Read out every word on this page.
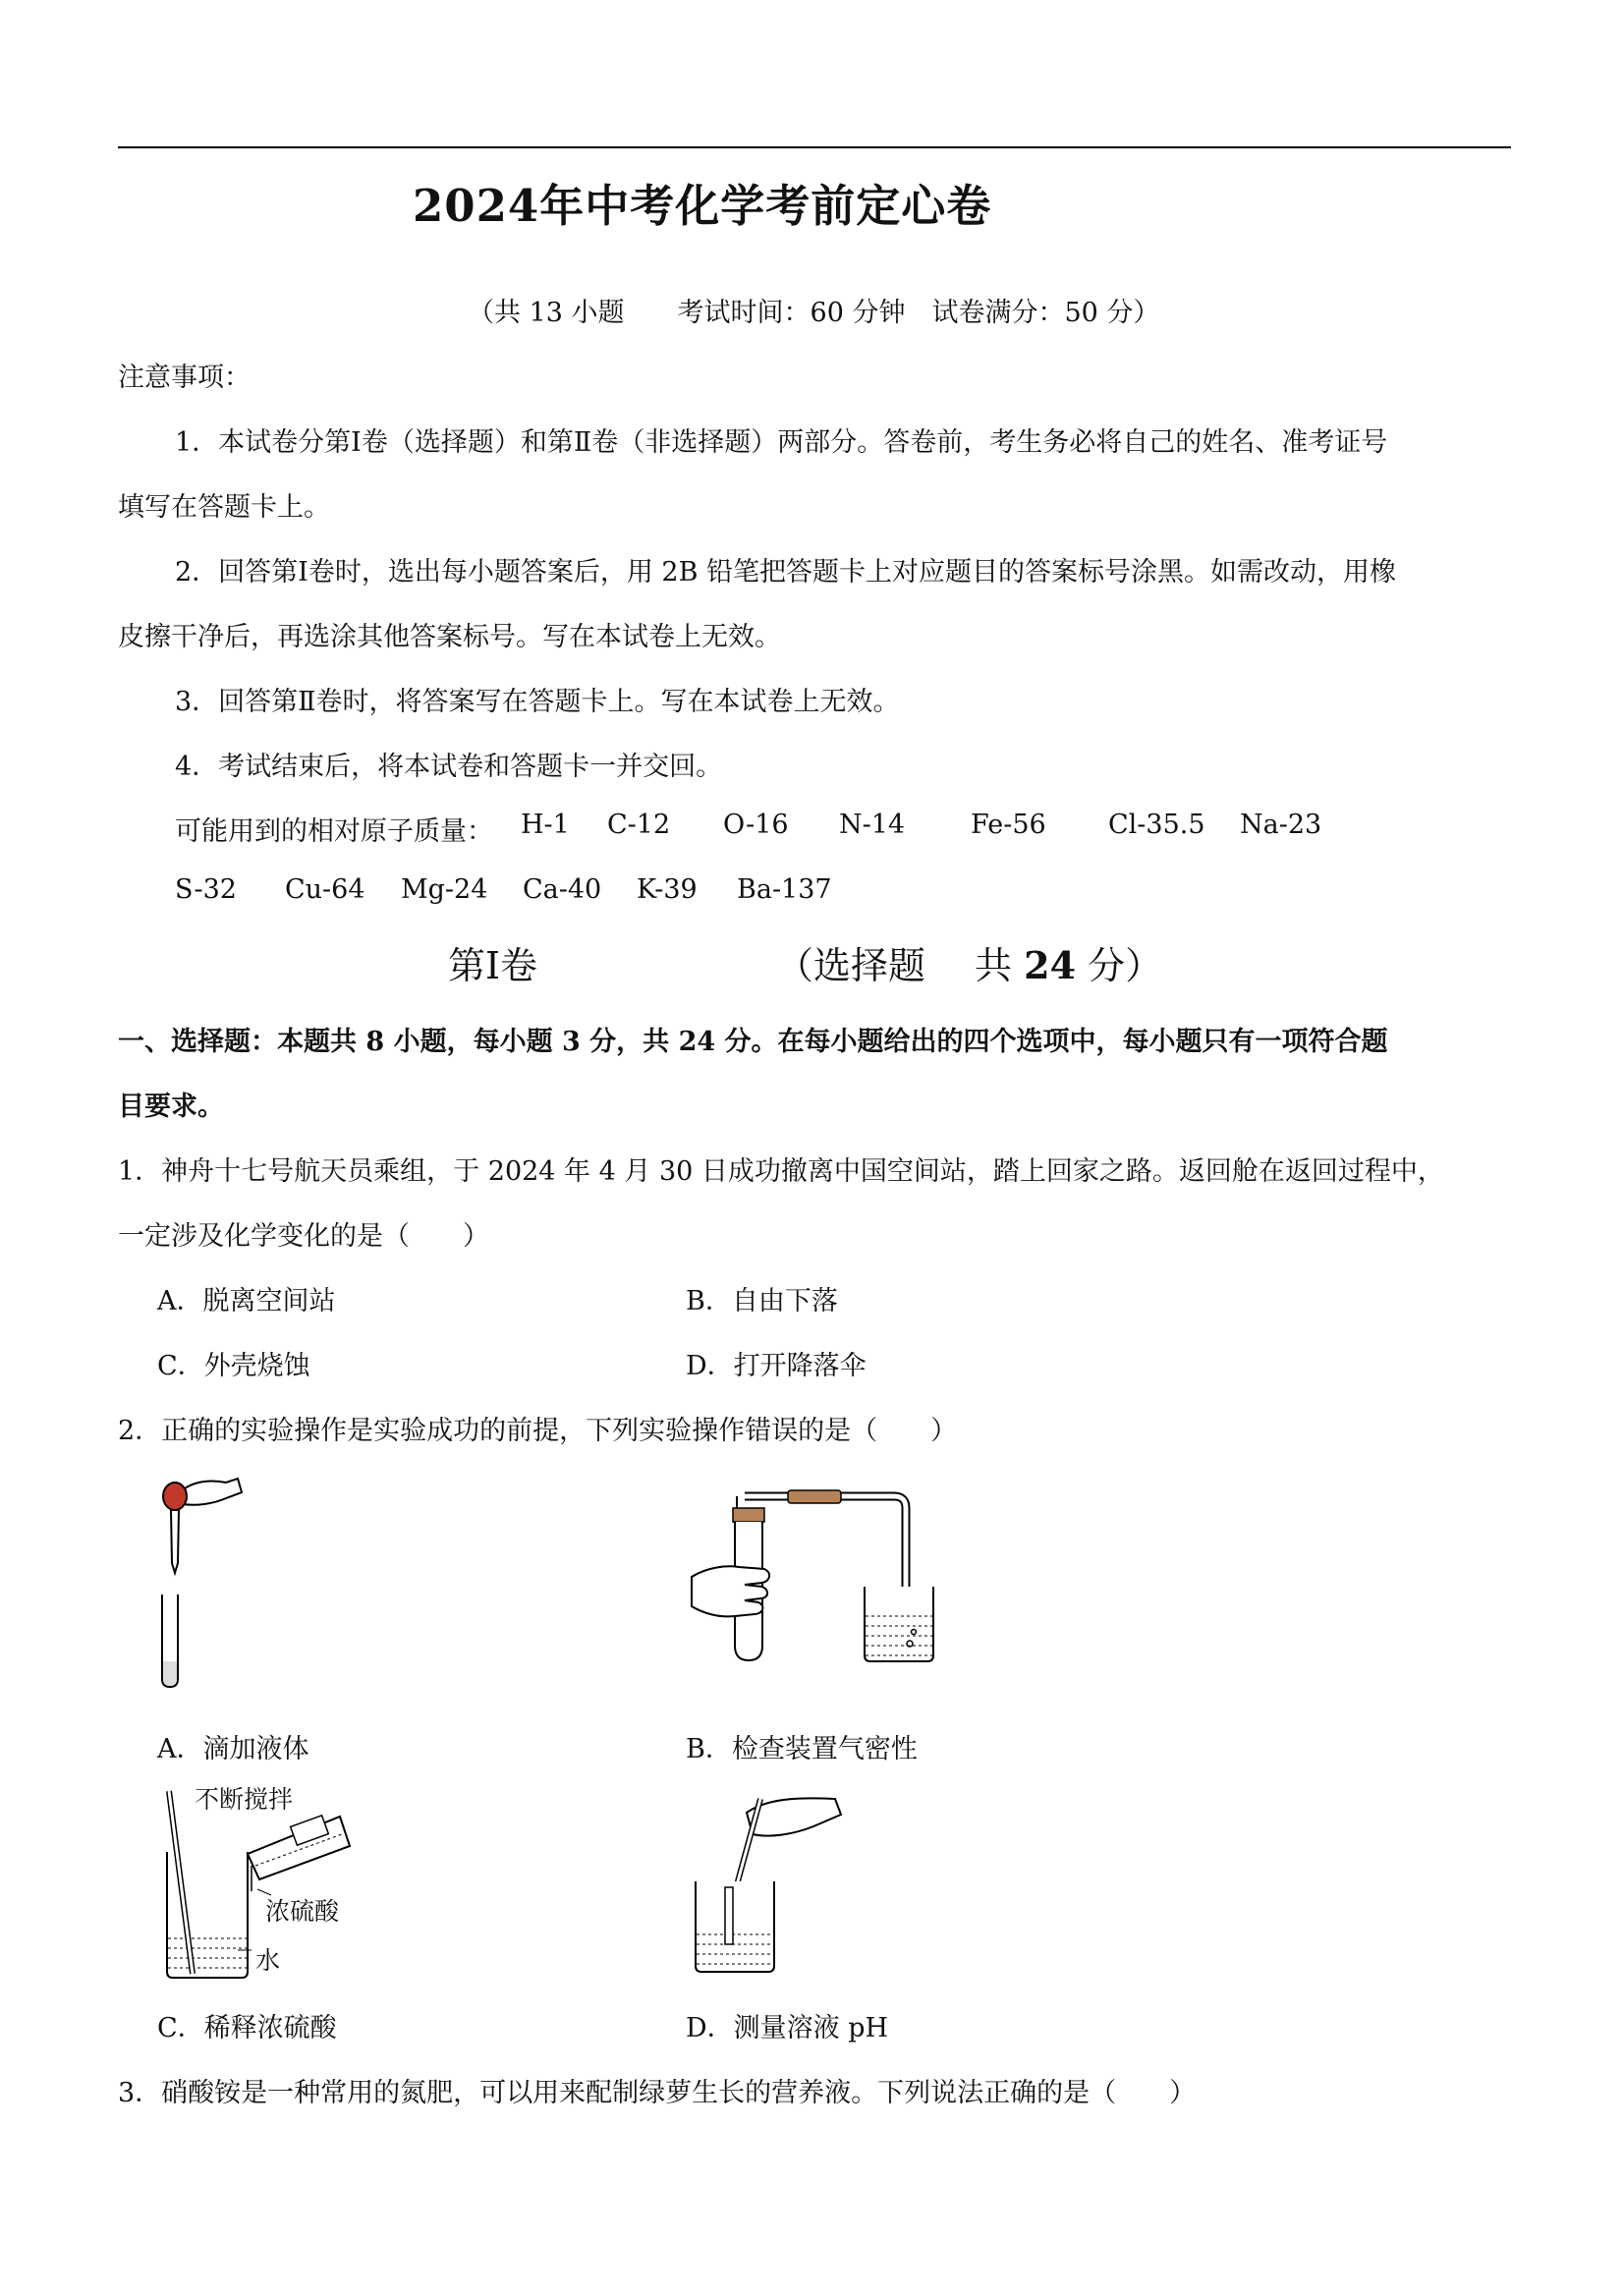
2024年中考化学考前定心卷
（共 13 小题　　考试时间：60 分钟　试卷满分：50 分）
注意事项：
1．本试卷分第Ⅰ卷（选择题）和第Ⅱ卷（非选择题）两部分。答卷前，考生务必将自己的姓名、准考证号
填写在答题卡上。
2．回答第Ⅰ卷时，选出每小题答案后，用 2B 铅笔把答题卡上对应题目的答案标号涂黑。如需改动，用橡
皮擦干净后，再选涂其他答案标号。写在本试卷上无效。
3．回答第Ⅱ卷时，将答案写在答题卡上。写在本试卷上无效。
4．考试结束后，将本试卷和答题卡一并交回。
可能用到的相对原子质量： H-1 C-12 O-16 N-14 Fe-56 Cl-35.5 Na-23
S-32 Cu-64 Mg-24 Ca-40 K-39 Ba-137
第Ⅰ卷	（选择题　 共 24 分）
一、选择题：本题共 8 小题，每小题 3 分，共 24 分。在每小题给出的四个选项中，每小题只有一项符合题
目要求。
1．神舟十七号航天员乘组，于 2024 年 4 月 30 日成功撤离中国空间站，踏上回家之路。返回舱在返回过程中，
一定涉及化学变化的是（　　）
A．脱离空间站	B．自由下落
C．外壳烧蚀	D．打开降落伞
2．正确的实验操作是实验成功的前提，下列实验操作错误的是（　　）
A．滴加液体	B．检查装置气密性
不断搅拌
浓硫酸
水
C．稀释浓硫酸	D．测量溶液 pH
3．硝酸铵是一种常用的氮肥，可以用来配制绿萝生长的营养液。下列说法正确的是（　　）
